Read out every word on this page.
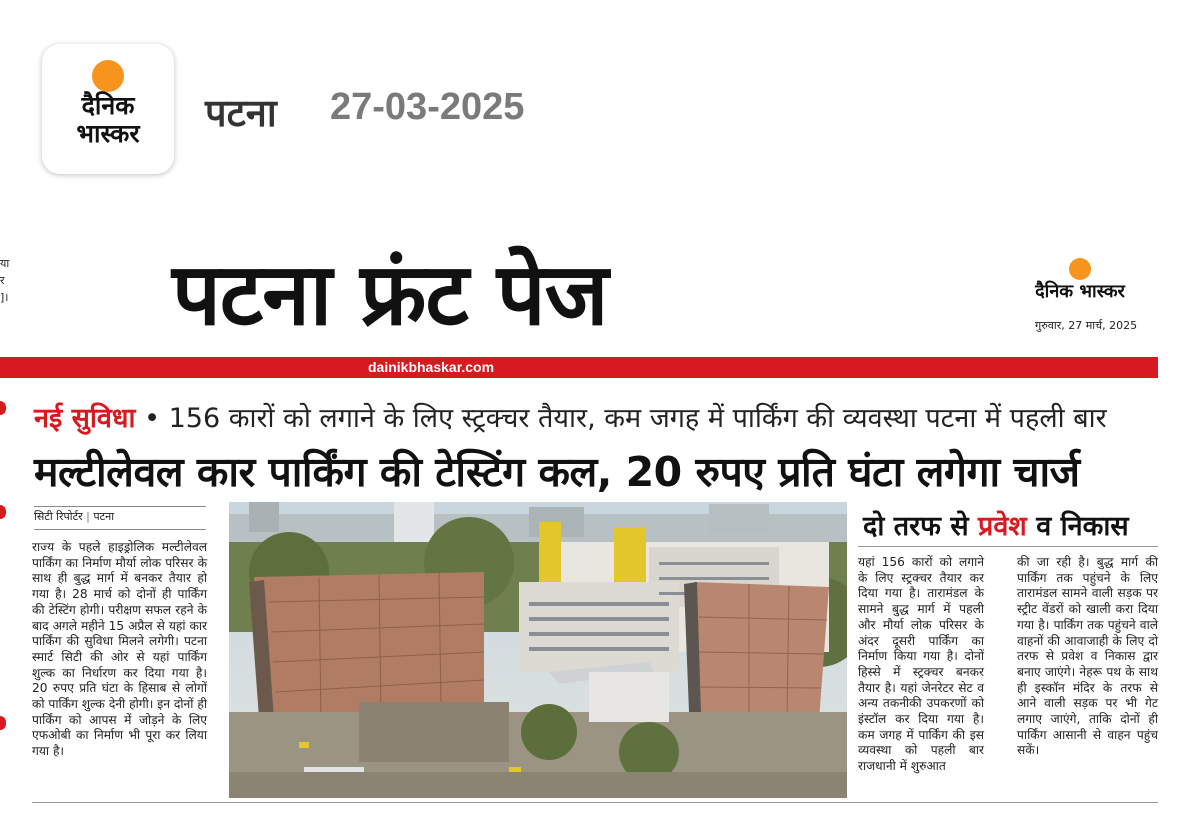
दैनिक
भास्कर पटना 27-03-2025
या
र
]। पटना फ्रंट पेज	दैनिक भास्कर
गुरुवार, 27 मार्च, 2025
dainikbhaskar.com
नई सुविधा • 156 कारों को लगाने के लिए स्ट्रक्चर तैयार, कम जगह में पार्किंग की व्यवस्था पटना में पहली बार
मल्टीलेवल कार पार्किंग की टेस्टिंग कल, 20 रुपए प्रति घंटा लगेगा चार्ज
सिटी रिपोर्टर | पटना
राज्य के पहले हाइड्रोलिक मल्टीलेवल पार्किंग का निर्माण मौर्या लोक परिसर के साथ ही बुद्ध मार्ग में बनकर तैयार हो गया है। 28 मार्च को दोनों ही पार्किंग की टेस्टिंग होगी। परीक्षण सफल रहने के बाद अगले महीने 15 अप्रैल से यहां कार पार्किंग की सुविधा मिलने लगेगी। पटना स्मार्ट सिटी की ओर से यहां पार्किंग शुल्क का निर्धारण कर दिया गया है। 20 रुपए प्रति घंटा के हिसाब से लोगों को पार्किंग शुल्क देनी होगी। इन दोनों ही पार्किंग को आपस में जोड़ने के लिए एफओबी का निर्माण भी पूरा कर लिया गया है।
दो तरफ से प्रवेश व निकास
यहां 156 कारों को लगाने के लिए स्ट्रक्चर तैयार कर दिया गया है। तारामंडल के सामने बुद्ध मार्ग में पहली और मौर्या लोक परिसर के अंदर दूसरी पार्किंग का निर्माण किया गया है। दोनों हिस्से में स्ट्रक्चर बनकर तैयार है। यहां जेनरेटर सेट व अन्य तकनीकी उपकरणों को इंस्टॉल कर दिया गया है। कम जगह में पार्किंग की इस व्यवस्था को पहली बार राजधानी में शुरुआत
की जा रही है। बुद्ध मार्ग की पार्किंग तक पहुंचने के लिए तारामंडल सामने वाली सड़क पर स्ट्रीट वेंडरों को खाली करा दिया गया है। पार्किंग तक पहुंचने वाले वाहनों की आवाजाही के लिए दो तरफ से प्रवेश व निकास द्वार बनाए जाएंगे। नेहरू पथ के साथ ही इस्कॉन मंदिर के तरफ से आने वाली सड़क पर भी गेट लगाए जाएंगे, ताकि दोनों ही पार्किंग आसानी से वाहन पहुंच सकें।
